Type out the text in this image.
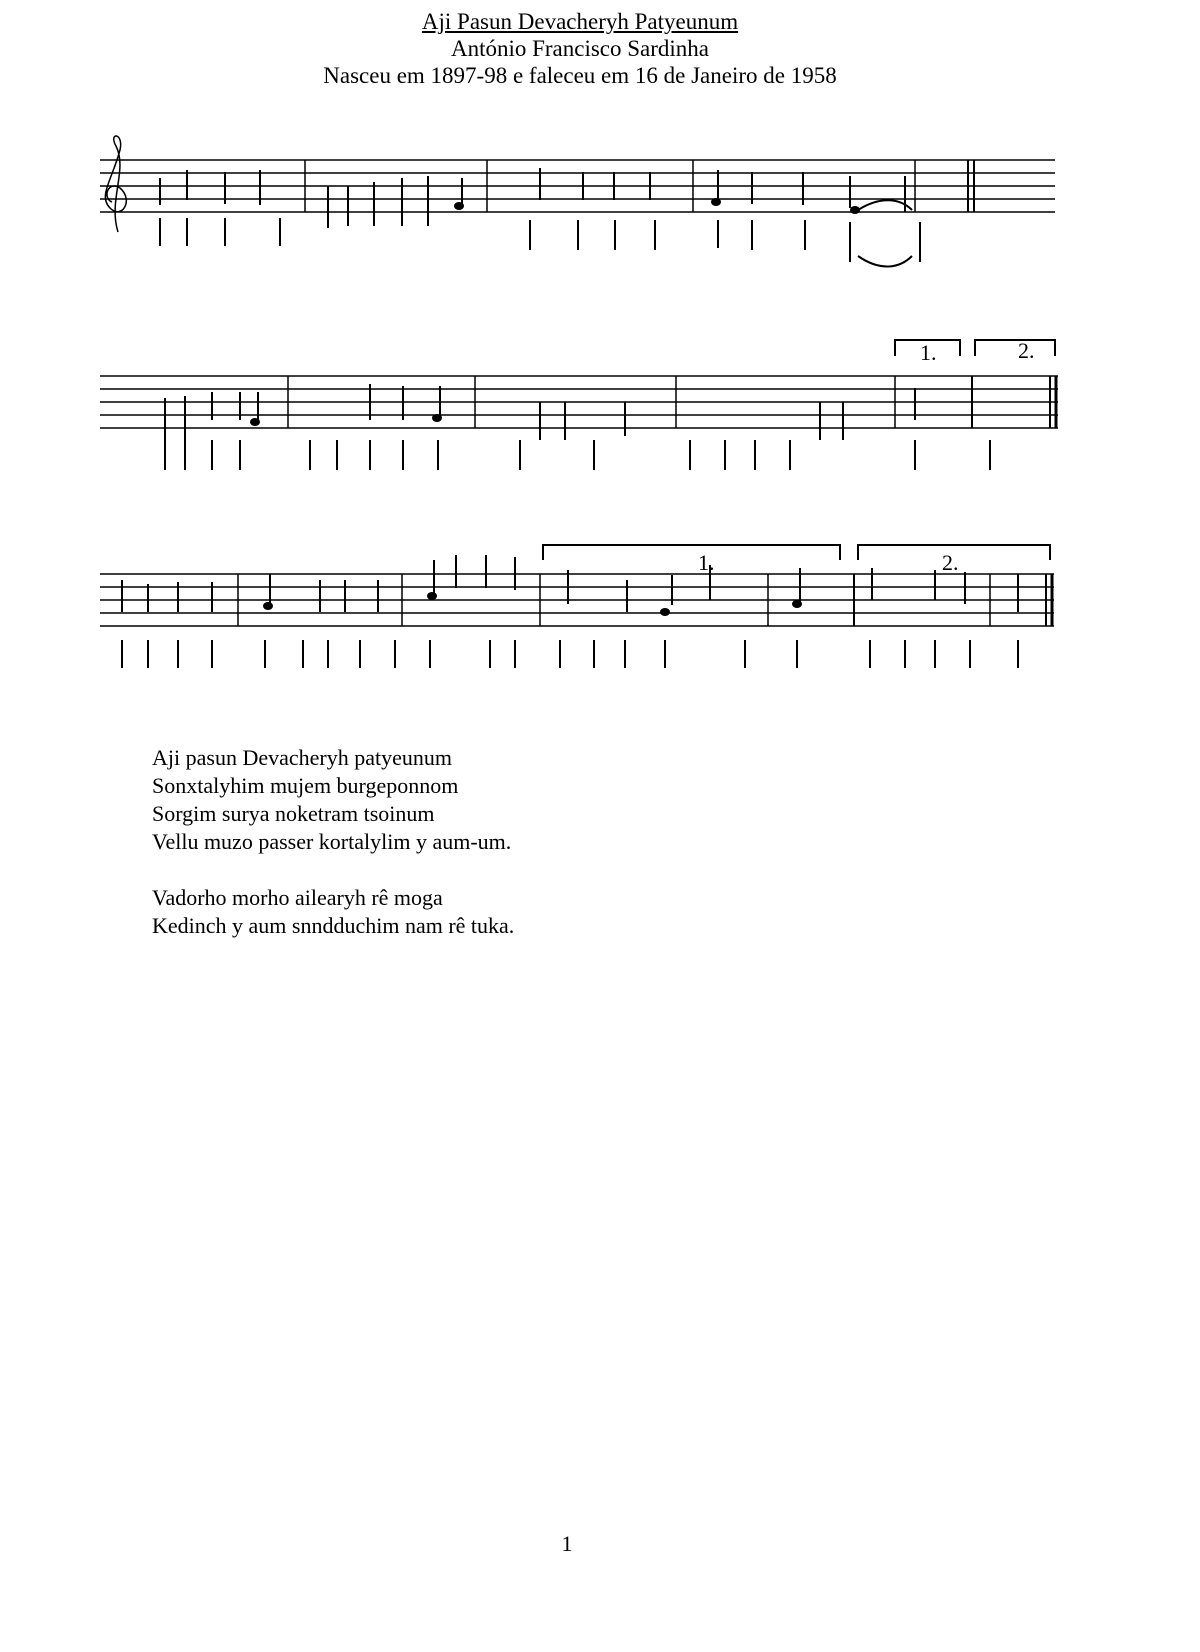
Aji Pasun Devacheryh Patyeunum
António Francisco Sardinha
Nasceu em 1897-98 e faleceu em 16 de Janeiro de 1958
1.	2.
1.	2.
Aji pasun Devacheryh patyeunum
Sonxtalyhim mujem burgeponnom
Sorgim surya noketram tsoinum
Vellu muzo passer kortalylim y aum-um.
Vadorho morho ailearyh rê moga
Kedinch y aum snndduchim nam rê tuka.
1
